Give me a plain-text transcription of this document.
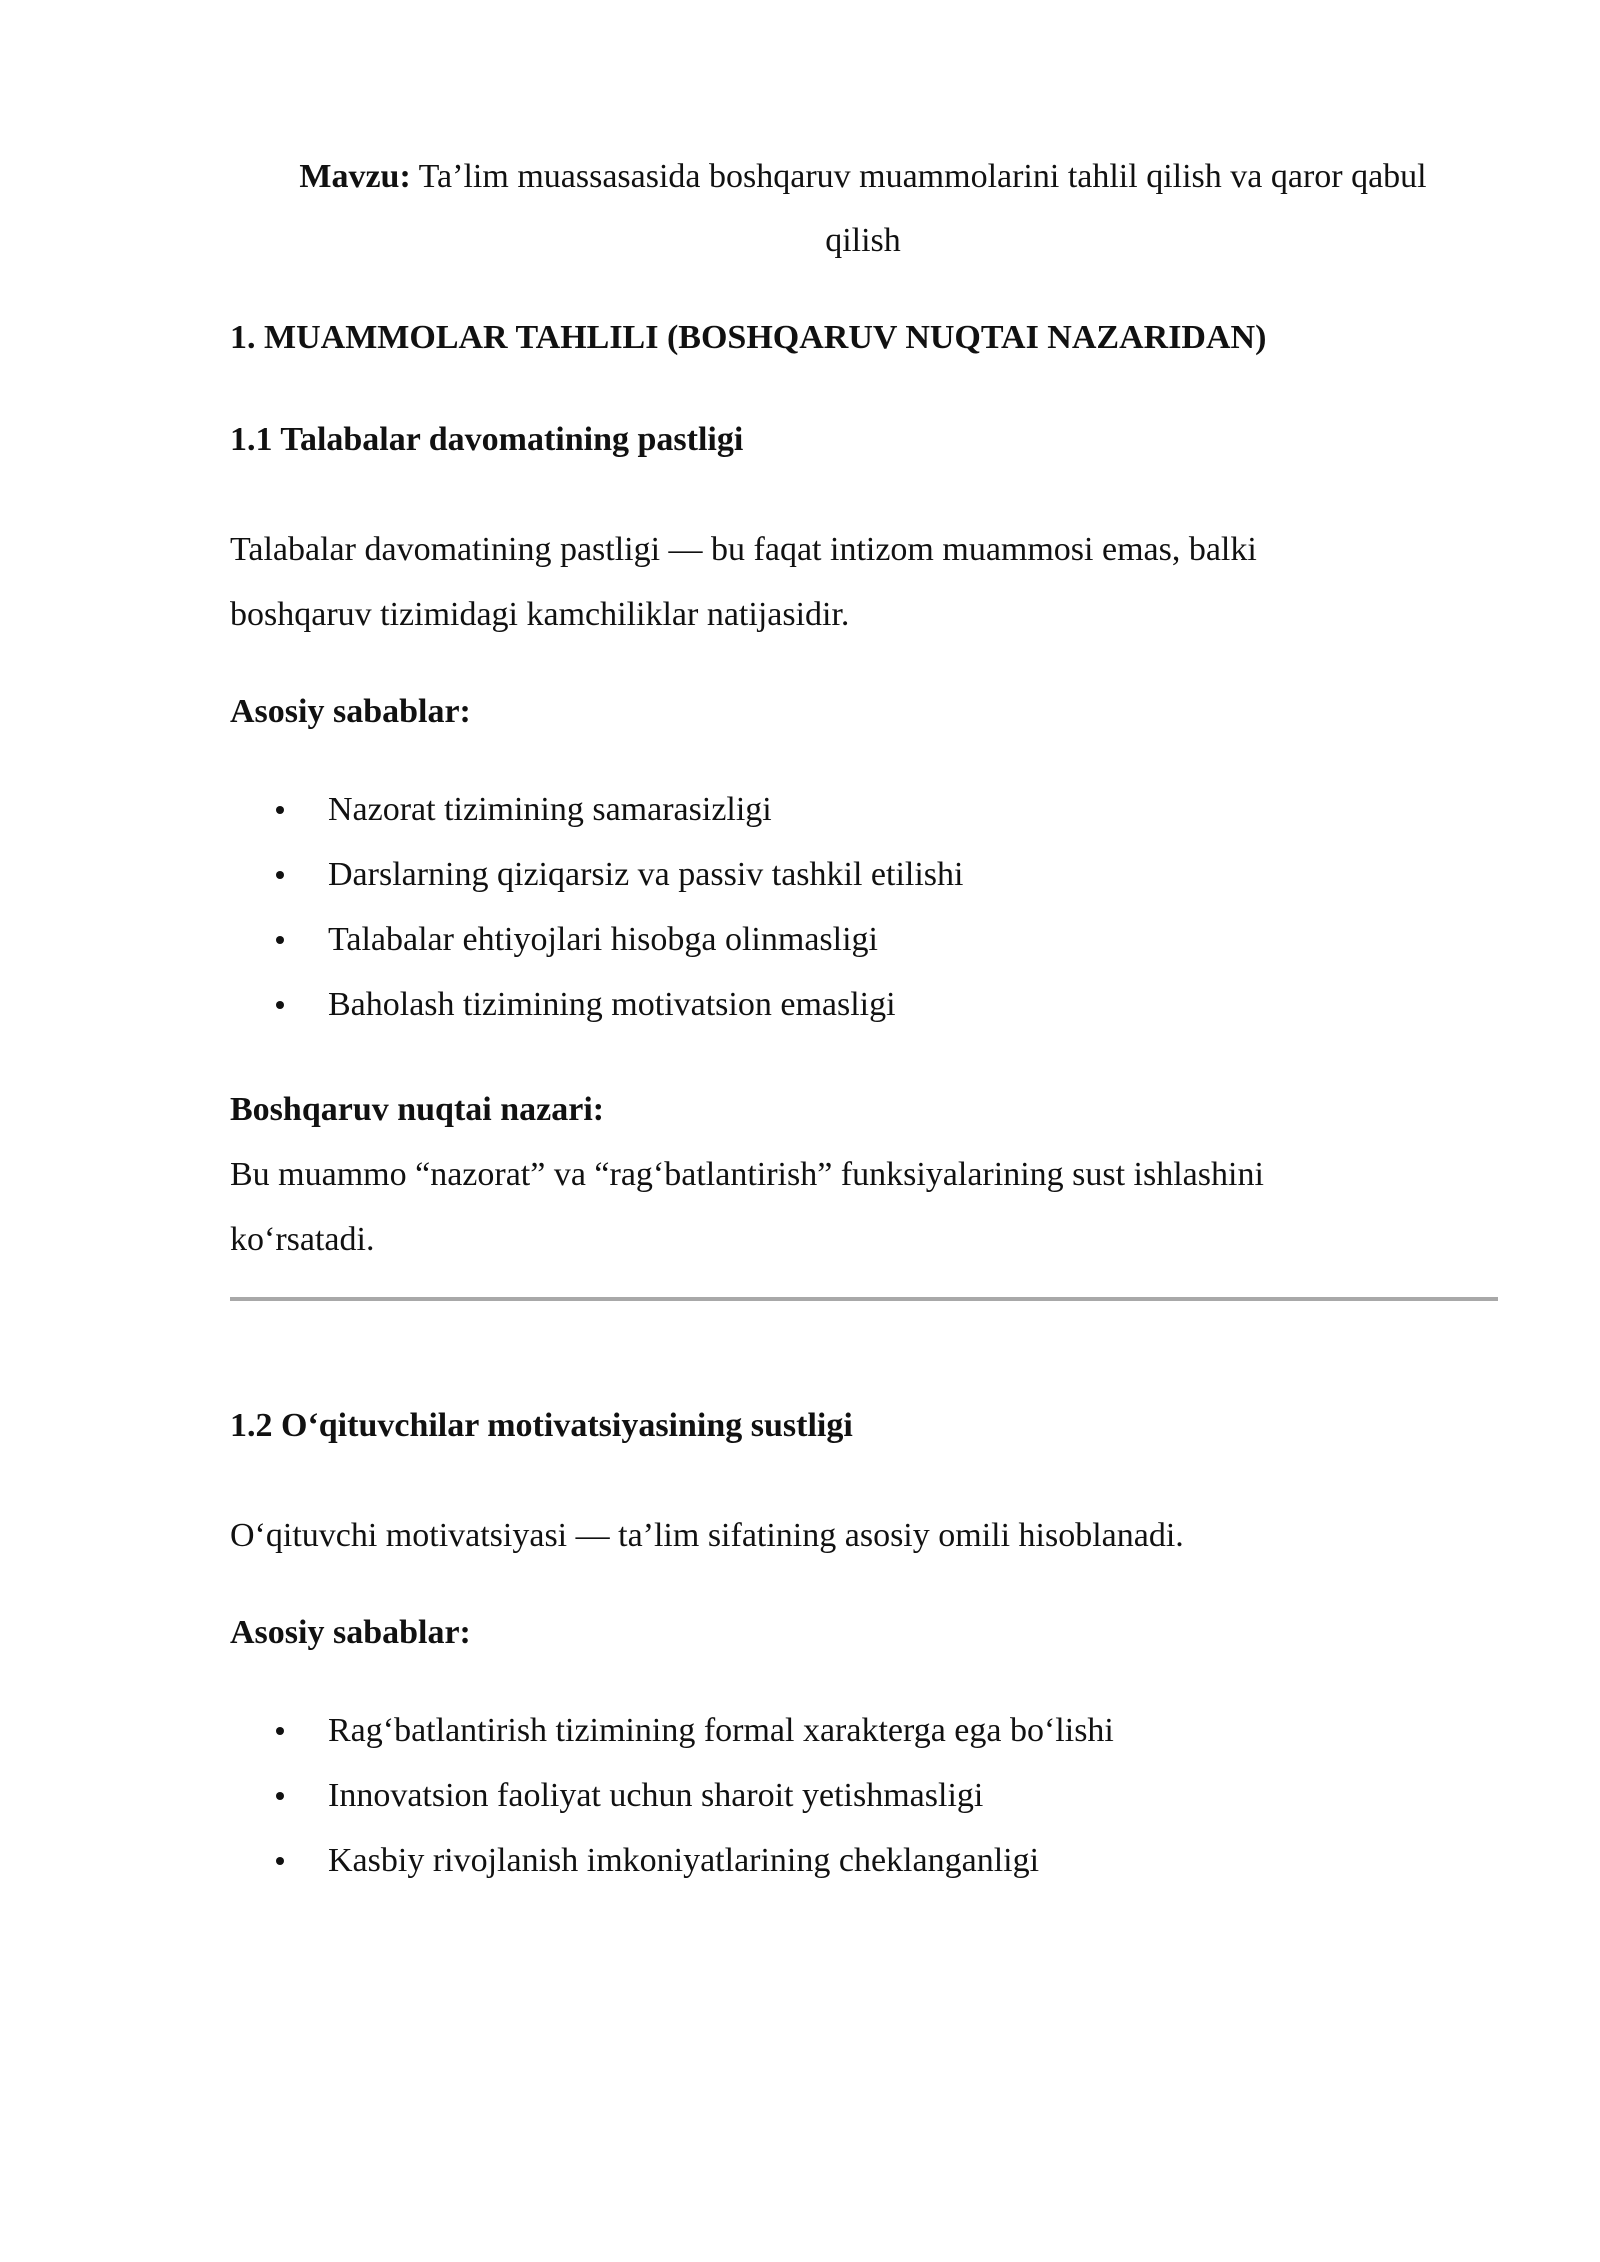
Mavzu: Ta’lim muassasasida boshqaruv muammolarini tahlil qilish va qaror qabul
qilish
1. MUAMMOLAR TAHLILI (BOSHQARUV NUQTAI NAZARIDAN)
1.1 Talabalar davomatining pastligi
Talabalar davomatining pastligi — bu faqat intizom muammosi emas, balki
boshqaruv tizimidagi kamchiliklar natijasidir.
Asosiy sabablar:
Nazorat tizimining samarasizligi
Darslarning qiziqarsiz va passiv tashkil etilishi
Talabalar ehtiyojlari hisobga olinmasligi
Baholash tizimining motivatsion emasligi
Boshqaruv nuqtai nazari:
Bu muammo “nazorat” va “rag‘batlantirish” funksiyalarining sust ishlashini
ko‘rsatadi.
1.2 O‘qituvchilar motivatsiyasining sustligi
O‘qituvchi motivatsiyasi — ta’lim sifatining asosiy omili hisoblanadi.
Asosiy sabablar:
Rag‘batlantirish tizimining formal xarakterga ega bo‘lishi
Innovatsion faoliyat uchun sharoit yetishmasligi
Kasbiy rivojlanish imkoniyatlarining cheklanganligi
